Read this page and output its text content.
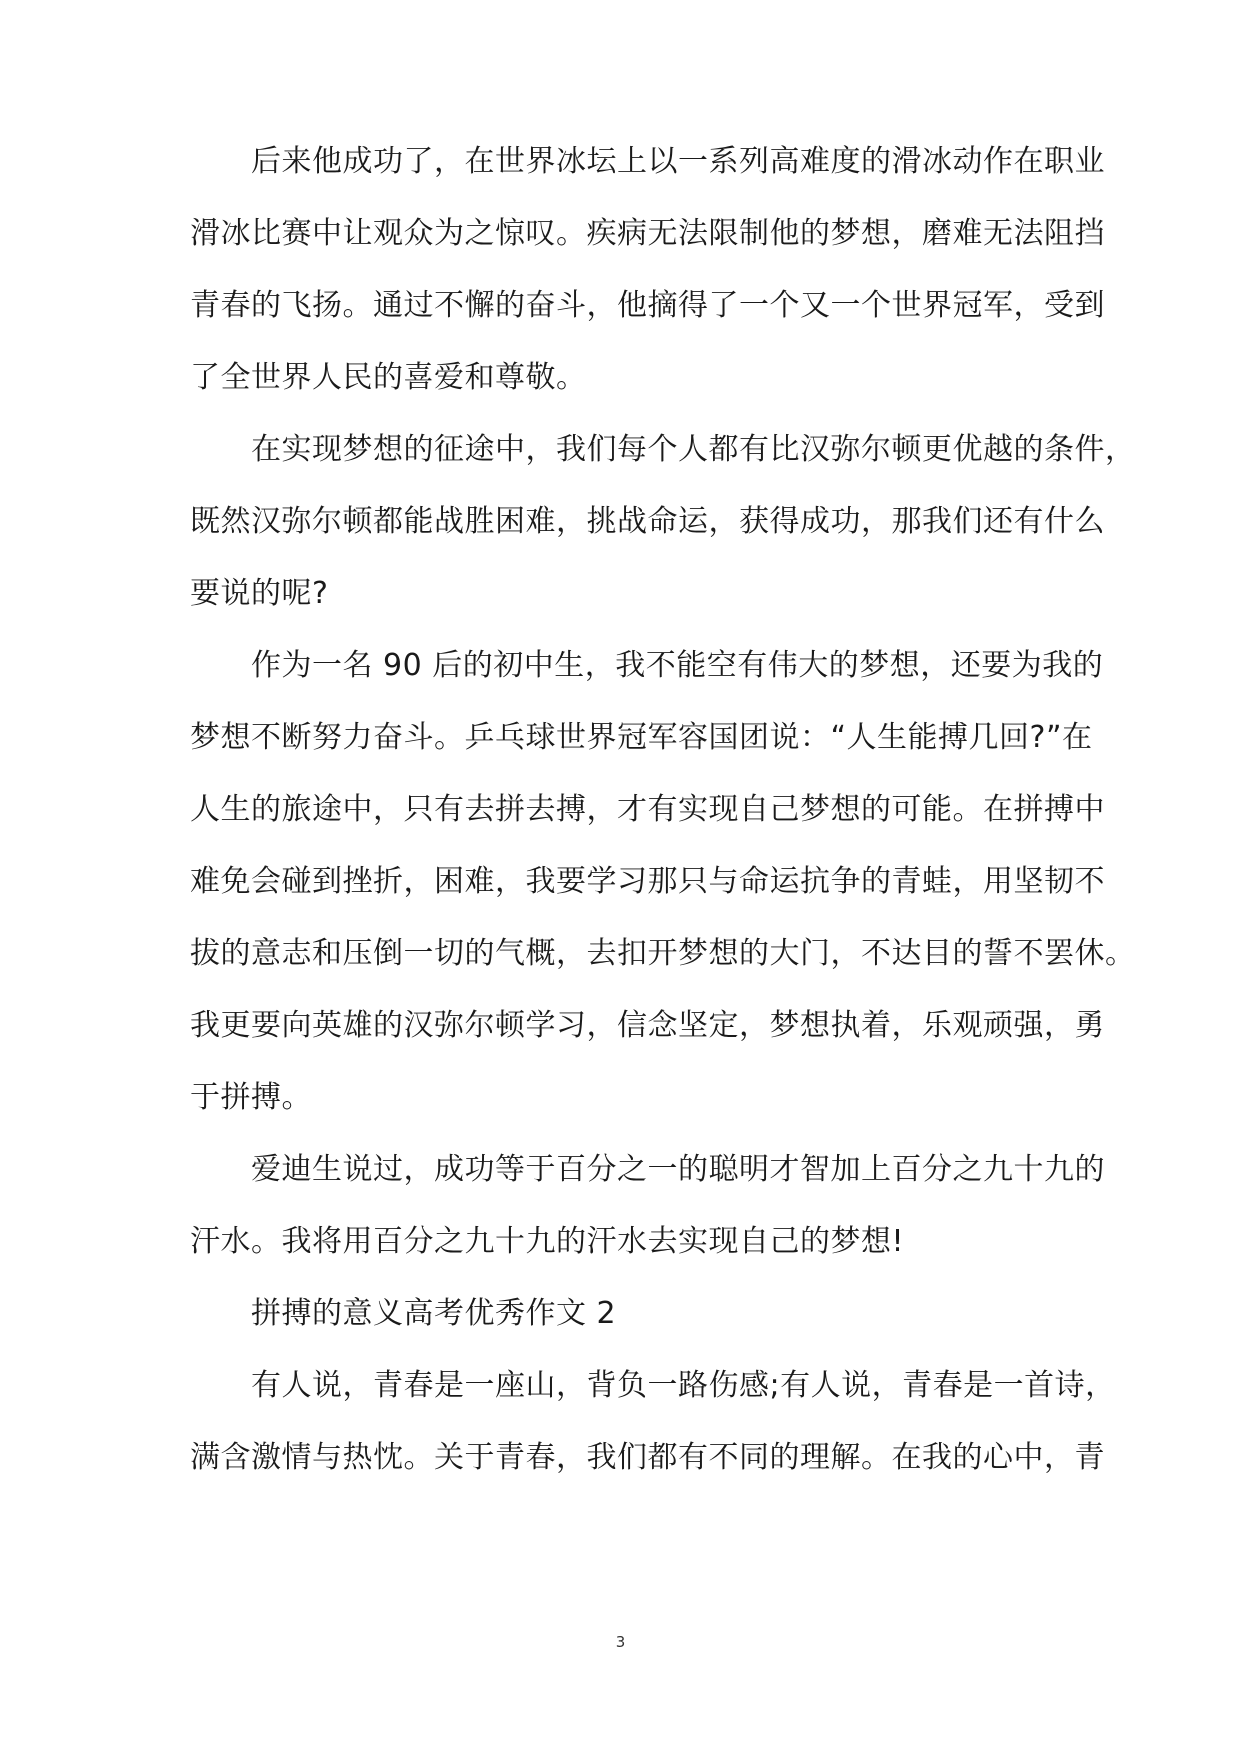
　　后来他成功了，在世界冰坛上以一系列高难度的滑冰动作在职业
滑冰比赛中让观众为之惊叹。疾病无法限制他的梦想，磨难无法阻挡
青春的飞扬。通过不懈的奋斗，他摘得了一个又一个世界冠军，受到
了全世界人民的喜爱和尊敬。
　　在实现梦想的征途中，我们每个人都有比汉弥尔顿更优越的条件，
既然汉弥尔顿都能战胜困难，挑战命运，获得成功，那我们还有什么
要说的呢?
　　作为一名 90 后的初中生，我不能空有伟大的梦想，还要为我的
梦想不断努力奋斗。乒乓球世界冠军容国团说：“人生能搏几回?”在
人生的旅途中，只有去拼去搏，才有实现自己梦想的可能。在拼搏中
难免会碰到挫折，困难，我要学习那只与命运抗争的青蛙，用坚韧不
拔的意志和压倒一切的气概，去扣开梦想的大门，不达目的誓不罢休。
我更要向英雄的汉弥尔顿学习，信念坚定，梦想执着，乐观顽强，勇
于拼搏。
　　爱迪生说过，成功等于百分之一的聪明才智加上百分之九十九的
汗水。我将用百分之九十九的汗水去实现自己的梦想!
　　拼搏的意义高考优秀作文 2
　　有人说，青春是一座山，背负一路伤感;有人说，青春是一首诗，
满含激情与热忱。关于青春，我们都有不同的理解。在我的心中，青
3
